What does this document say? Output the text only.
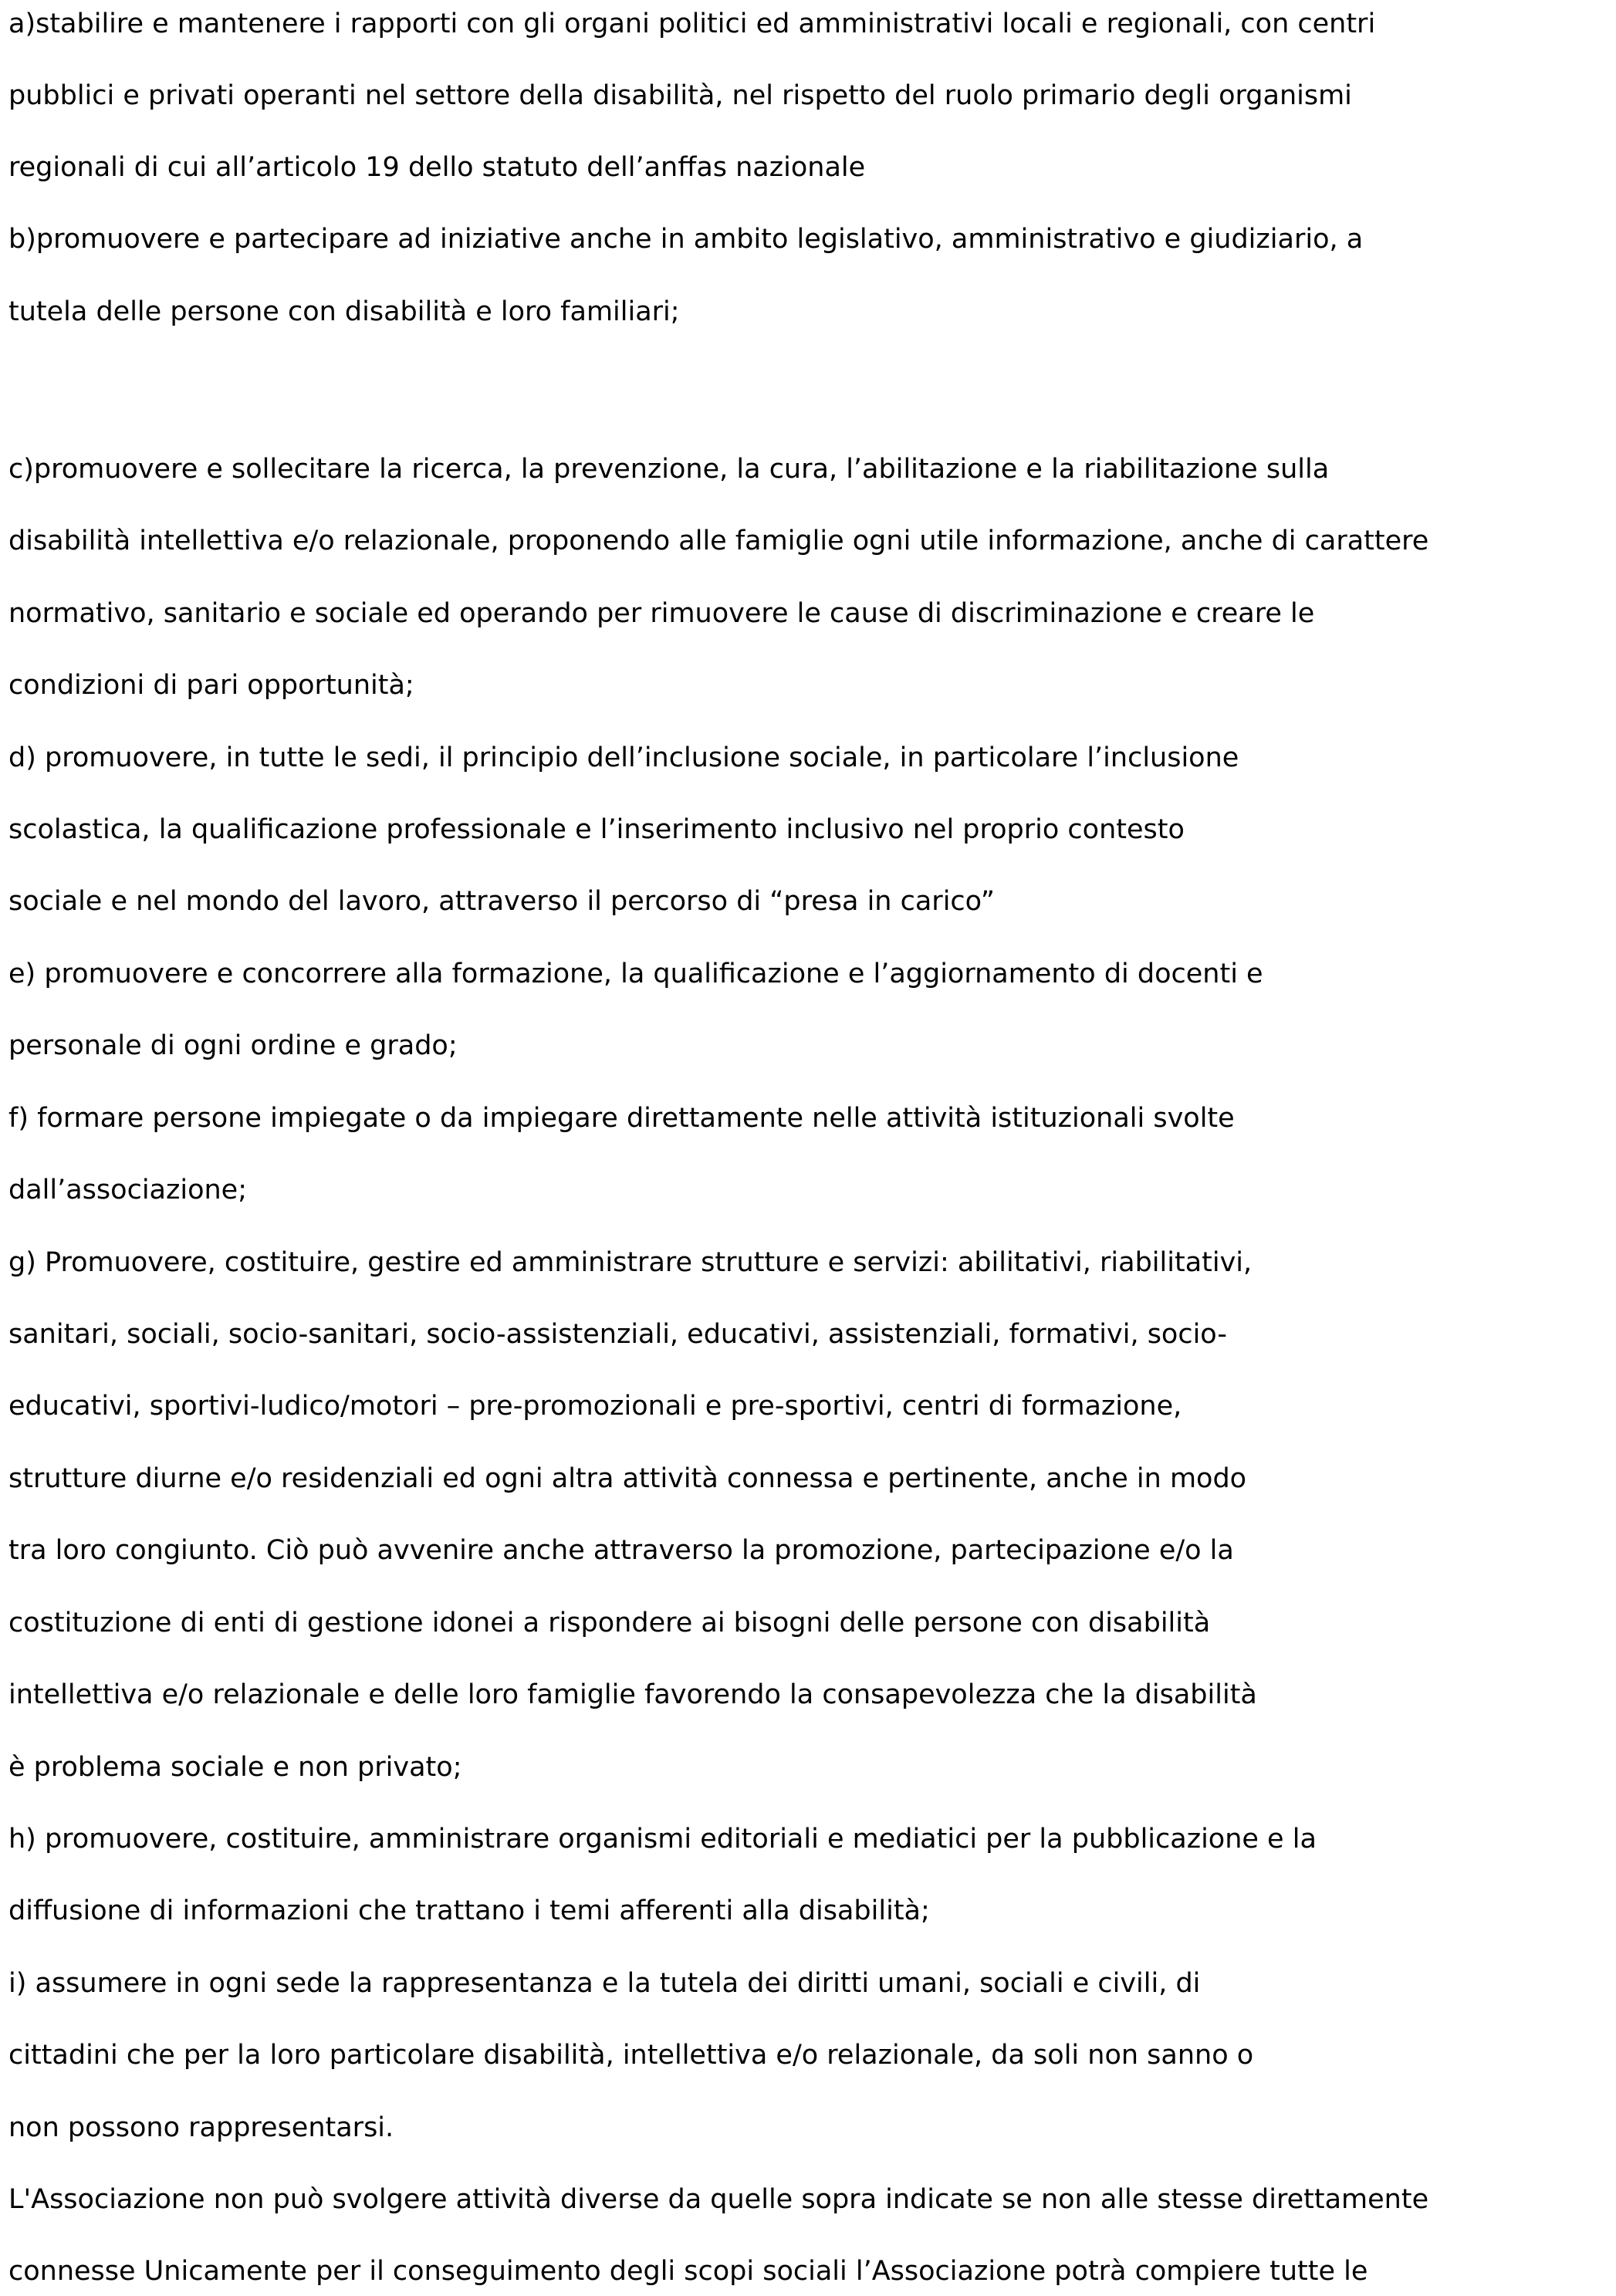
a)stabilire e mantenere i rapporti con gli organi politici ed amministrativi locali e regionali, con centri
pubblici e privati operanti nel settore della disabilità, nel rispetto del ruolo primario degli organismi
regionali di cui all’articolo 19 dello statuto dell’anffas nazionale
b)promuovere e partecipare ad iniziative anche in ambito legislativo, amministrativo e giudiziario, a
tutela delle persone con disabilità e loro familiari;
c)promuovere e sollecitare la ricerca, la prevenzione, la cura, l’abilitazione e la riabilitazione sulla
disabilità intellettiva e/o relazionale, proponendo alle famiglie ogni utile informazione, anche di carattere
normativo, sanitario e sociale ed operando per rimuovere le cause di discriminazione e creare le
condizioni di pari opportunità;
d) promuovere, in tutte le sedi, il principio dell’inclusione sociale, in particolare l’inclusione
scolastica, la qualificazione professionale e l’inserimento inclusivo nel proprio contesto
sociale e nel mondo del lavoro, attraverso il percorso di “presa in carico”
e) promuovere e concorrere alla formazione, la qualificazione e l’aggiornamento di docenti e
personale di ogni ordine e grado;
f) formare persone impiegate o da impiegare direttamente nelle attività istituzionali svolte
dall’associazione;
g) Promuovere, costituire, gestire ed amministrare strutture e servizi: abilitativi, riabilitativi,
sanitari, sociali, socio-sanitari, socio-assistenziali, educativi, assistenziali, formativi, socio-
educativi, sportivi-ludico/motori – pre-promozionali e pre-sportivi, centri di formazione,
strutture diurne e/o residenziali ed ogni altra attività connessa e pertinente, anche in modo
tra loro congiunto. Ciò può avvenire anche attraverso la promozione, partecipazione e/o la
costituzione di enti di gestione idonei a rispondere ai bisogni delle persone con disabilità
intellettiva e/o relazionale e delle loro famiglie favorendo la consapevolezza che la disabilità
è problema sociale e non privato;
h) promuovere, costituire, amministrare organismi editoriali e mediatici per la pubblicazione e la
diffusione di informazioni che trattano i temi afferenti alla disabilità;
i) assumere in ogni sede la rappresentanza e la tutela dei diritti umani, sociali e civili, di
cittadini che per la loro particolare disabilità, intellettiva e/o relazionale, da soli non sanno o
non possono rappresentarsi.
L'Associazione non può svolgere attività diverse da quelle sopra indicate se non alle stesse direttamente
connesse Unicamente per il conseguimento degli scopi sociali l’Associazione potrà compiere tutte le
